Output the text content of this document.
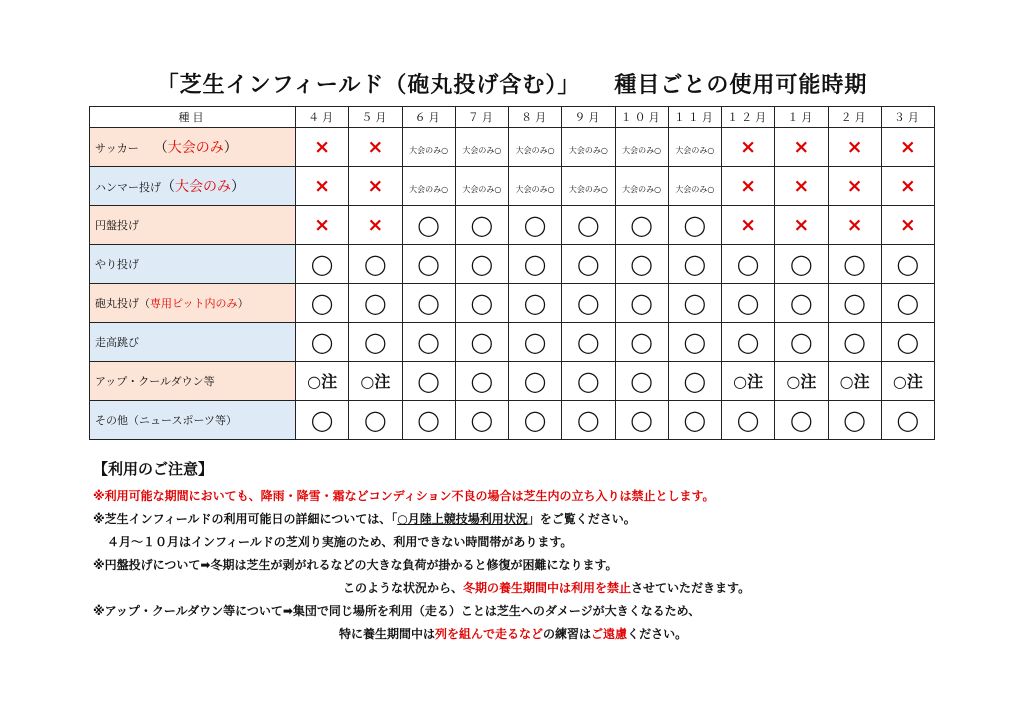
「芝生インフィールド（砲丸投げ含む）」 種目ごとの使用可能時期
種目	４月	５月	６月	７月	８月	９月	１０月	１１月	１２月	１月	２月	３月
サッカー　　 （大会のみ）	×	×	大会のみ○	大会のみ○	大会のみ○	大会のみ○	大会のみ○	大会のみ○	×	×	×	×
ハンマー投げ（大会のみ）	×	×	大会のみ○	大会のみ○	大会のみ○	大会のみ○	大会のみ○	大会のみ○	×	×	×	×
円盤投げ	×	×	◯	◯	◯	◯	◯	◯	×	×	×	×
やり投げ	◯	◯	◯	◯	◯	◯	◯	◯	◯	◯	◯	◯
砲丸投げ（専用ピット内のみ）	◯	◯	◯	◯	◯	◯	◯	◯	◯	◯	◯	◯
走高跳び	◯	◯	◯	◯	◯	◯	◯	◯	◯	◯	◯	◯
アップ・クールダウン等	○注	○注	◯	◯	◯	◯	◯	◯	○注	○注	○注	○注
その他（ニュースポーツ等）	◯	◯	◯	◯	◯	◯	◯	◯	◯	◯	◯	◯
【利用のご注意】
※利用可能な期間においても、降雨・降雪・霜などコンディション不良の場合は芝生内の立ち入りは禁止とします。
※芝生インフィールドの利用可能日の詳細については、「○月陸上競技場利用状況」をご覧ください。
４月～１０月はインフィールドの芝刈り実施のため、利用できない時間帯があります。
※円盤投げについて➡冬期は芝生が剥がれるなどの大きな負荷が掛かると修復が困難になります。
このような状況から、冬期の養生期間中は利用を禁止させていただきます。
※アップ・クールダウン等について➡集団で同じ場所を利用（走る）ことは芝生へのダメージが大きくなるため、
特に養生期間中は列を組んで走るなどの練習はご遠慮ください。
